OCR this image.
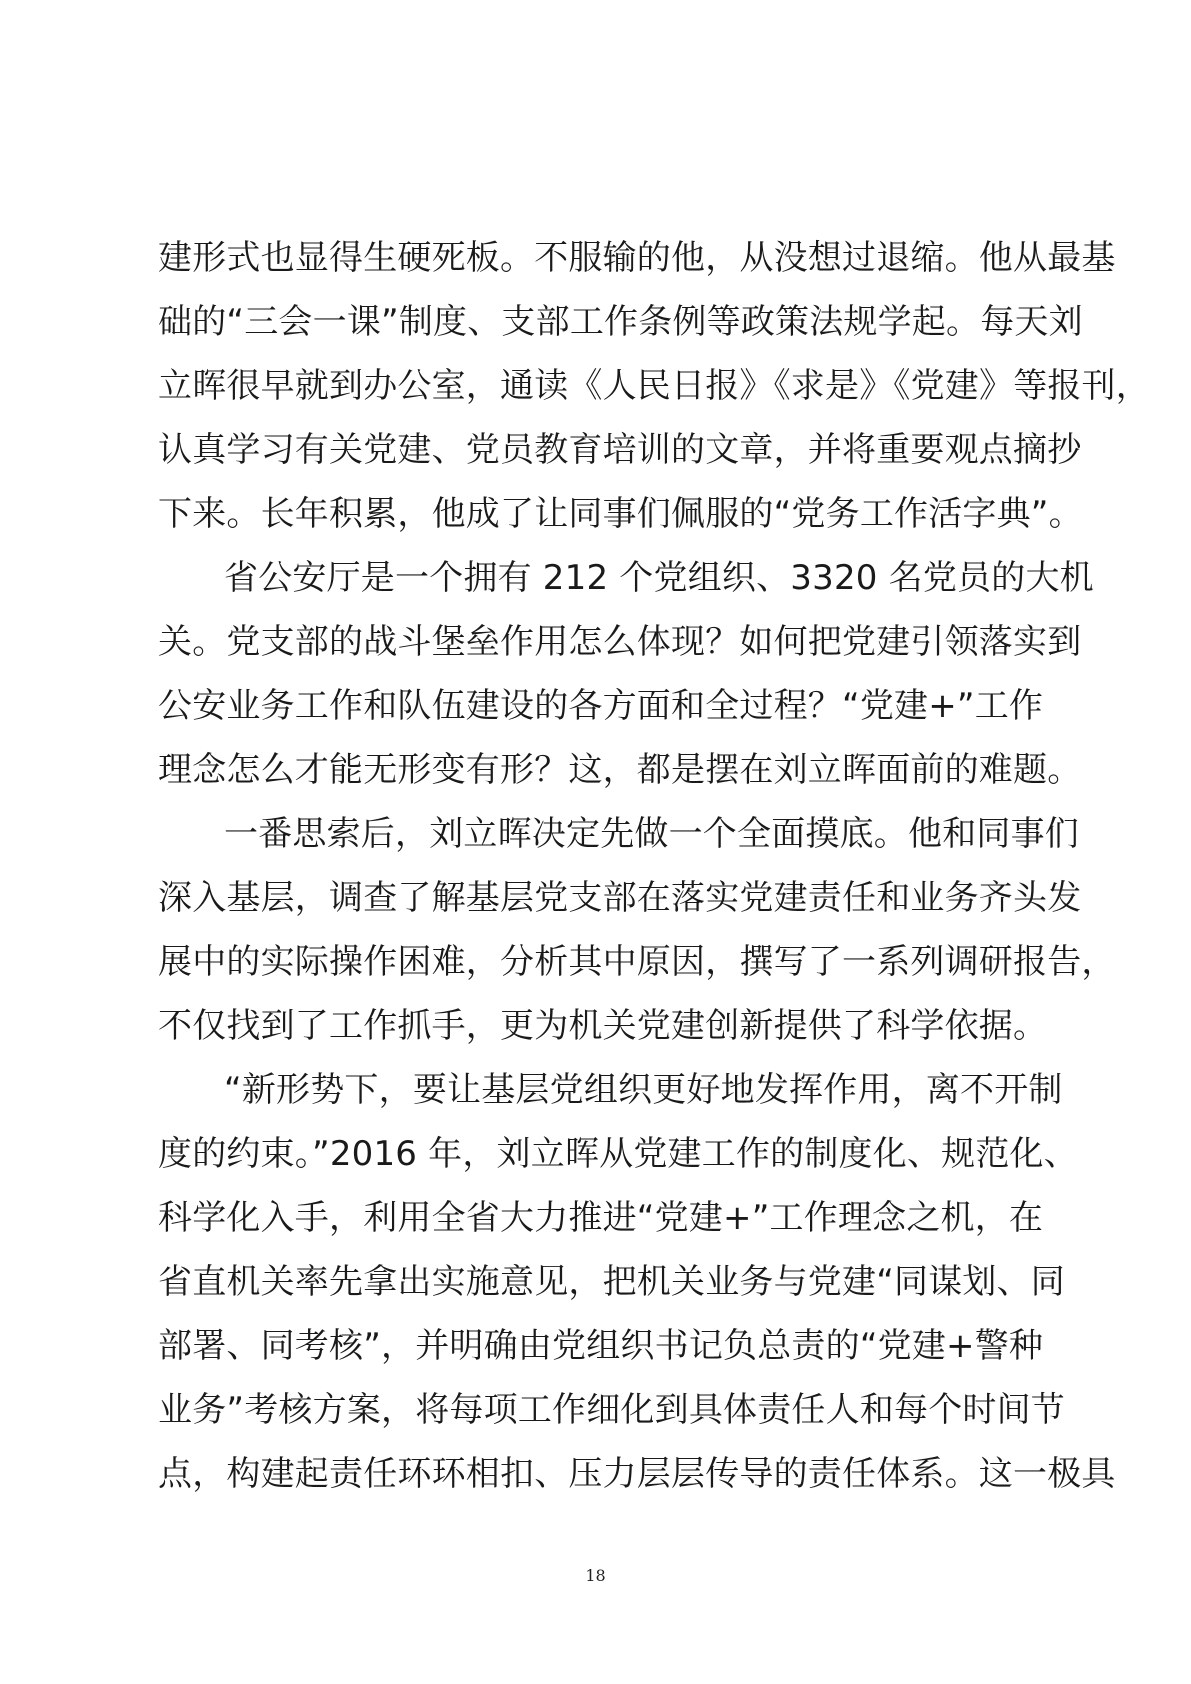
建形式也显得生硬死板。不服输的他，从没想过退缩。他从最基
础的“三会一课”制度、支部工作条例等政策法规学起。每天刘
立晖很早就到办公室，通读《人民日报》《求是》《党建》等报刊，
认真学习有关党建、党员教育培训的文章，并将重要观点摘抄
下来。长年积累，他成了让同事们佩服的“党务工作活字典”。
省公安厅是一个拥有 212 个党组织、3320 名党员的大机
关。党支部的战斗堡垒作用怎么体现？如何把党建引领落实到
公安业务工作和队伍建设的各方面和全过程？“党建+”工作
理念怎么才能无形变有形？这，都是摆在刘立晖面前的难题。
一番思索后，刘立晖决定先做一个全面摸底。他和同事们
深入基层，调查了解基层党支部在落实党建责任和业务齐头发
展中的实际操作困难，分析其中原因，撰写了一系列调研报告，
不仅找到了工作抓手，更为机关党建创新提供了科学依据。
“新形势下，要让基层党组织更好地发挥作用，离不开制
度的约束。”2016 年，刘立晖从党建工作的制度化、规范化、
科学化入手，利用全省大力推进“党建+”工作理念之机，在
省直机关率先拿出实施意见，把机关业务与党建“同谋划、同
部署、同考核”，并明确由党组织书记负总责的“党建+警种
业务”考核方案，将每项工作细化到具体责任人和每个时间节
点，构建起责任环环相扣、压力层层传导的责任体系。这一极具
18
